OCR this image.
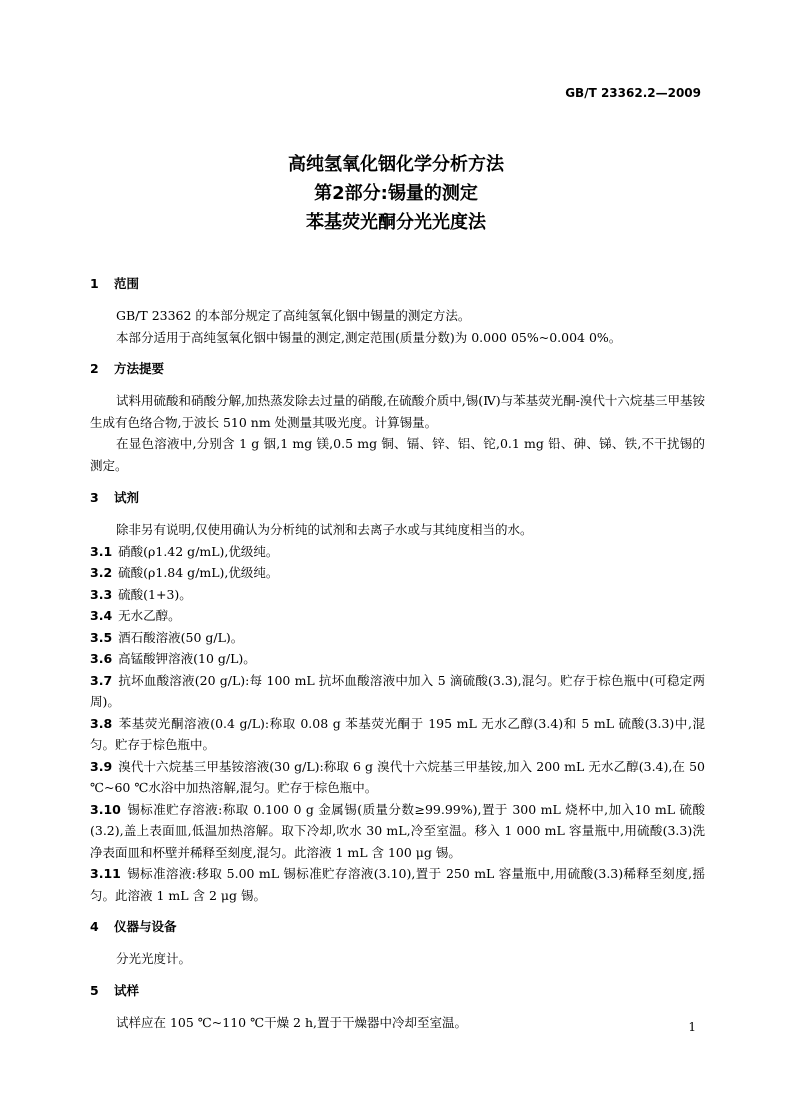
GB/T 23362.2—2009
高纯氢氧化铟化学分析方法
第2部分:锡量的测定
苯基荧光酮分光光度法
1	范围
GB/T 23362 的本部分规定了高纯氢氧化铟中锡量的测定方法。
本部分适用于高纯氢氧化铟中锡量的测定,测定范围(质量分数)为 0.000 05%~0.004 0%。
2	方法提要
试料用硫酸和硝酸分解,加热蒸发除去过量的硝酸,在硫酸介质中,锡(Ⅳ)与苯基荧光酮-溴代十六烷基三甲基铵生成有色络合物,于波长 510 nm 处测量其吸光度。计算锡量。
在显色溶液中,分别含 1 g 铟,1 mg 镁,0.5 mg 铜、镉、锌、铝、铊,0.1 mg 铅、砷、锑、铁,不干扰锡的测定。
3	试剂
除非另有说明,仅使用确认为分析纯的试剂和去离子水或与其纯度相当的水。
3.1 硝酸(ρ1.42 g/mL),优级纯。
3.2 硫酸(ρ1.84 g/mL),优级纯。
3.3 硫酸(1+3)。
3.4 无水乙醇。
3.5 酒石酸溶液(50 g/L)。
3.6 高锰酸钾溶液(10 g/L)。
3.7 抗坏血酸溶液(20 g/L):每 100 mL 抗坏血酸溶液中加入 5 滴硫酸(3.3),混匀。贮存于棕色瓶中(可稳定两周)。
3.8 苯基荧光酮溶液(0.4 g/L):称取 0.08 g 苯基荧光酮于 195 mL 无水乙醇(3.4)和 5 mL 硫酸(3.3)中,混匀。贮存于棕色瓶中。
3.9 溴代十六烷基三甲基铵溶液(30 g/L):称取 6 g 溴代十六烷基三甲基铵,加入 200 mL 无水乙醇(3.4),在 50 ℃~60 ℃水浴中加热溶解,混匀。贮存于棕色瓶中。
3.10 锡标准贮存溶液:称取 0.100 0 g 金属锡(质量分数≥99.99%),置于 300 mL 烧杯中,加入10 mL 硫酸(3.2),盖上表面皿,低温加热溶解。取下冷却,吹水 30 mL,冷至室温。移入 1 000 mL 容量瓶中,用硫酸(3.3)洗净表面皿和杯壁并稀释至刻度,混匀。此溶液 1 mL 含 100 μg 锡。
3.11 锡标准溶液:移取 5.00 mL 锡标准贮存溶液(3.10),置于 250 mL 容量瓶中,用硫酸(3.3)稀释至刻度,摇匀。此溶液 1 mL 含 2 μg 锡。
4	仪器与设备
分光光度计。
5	试样
试样应在 105 ℃~110 ℃干燥 2 h,置于干燥器中冷却至室温。	1
